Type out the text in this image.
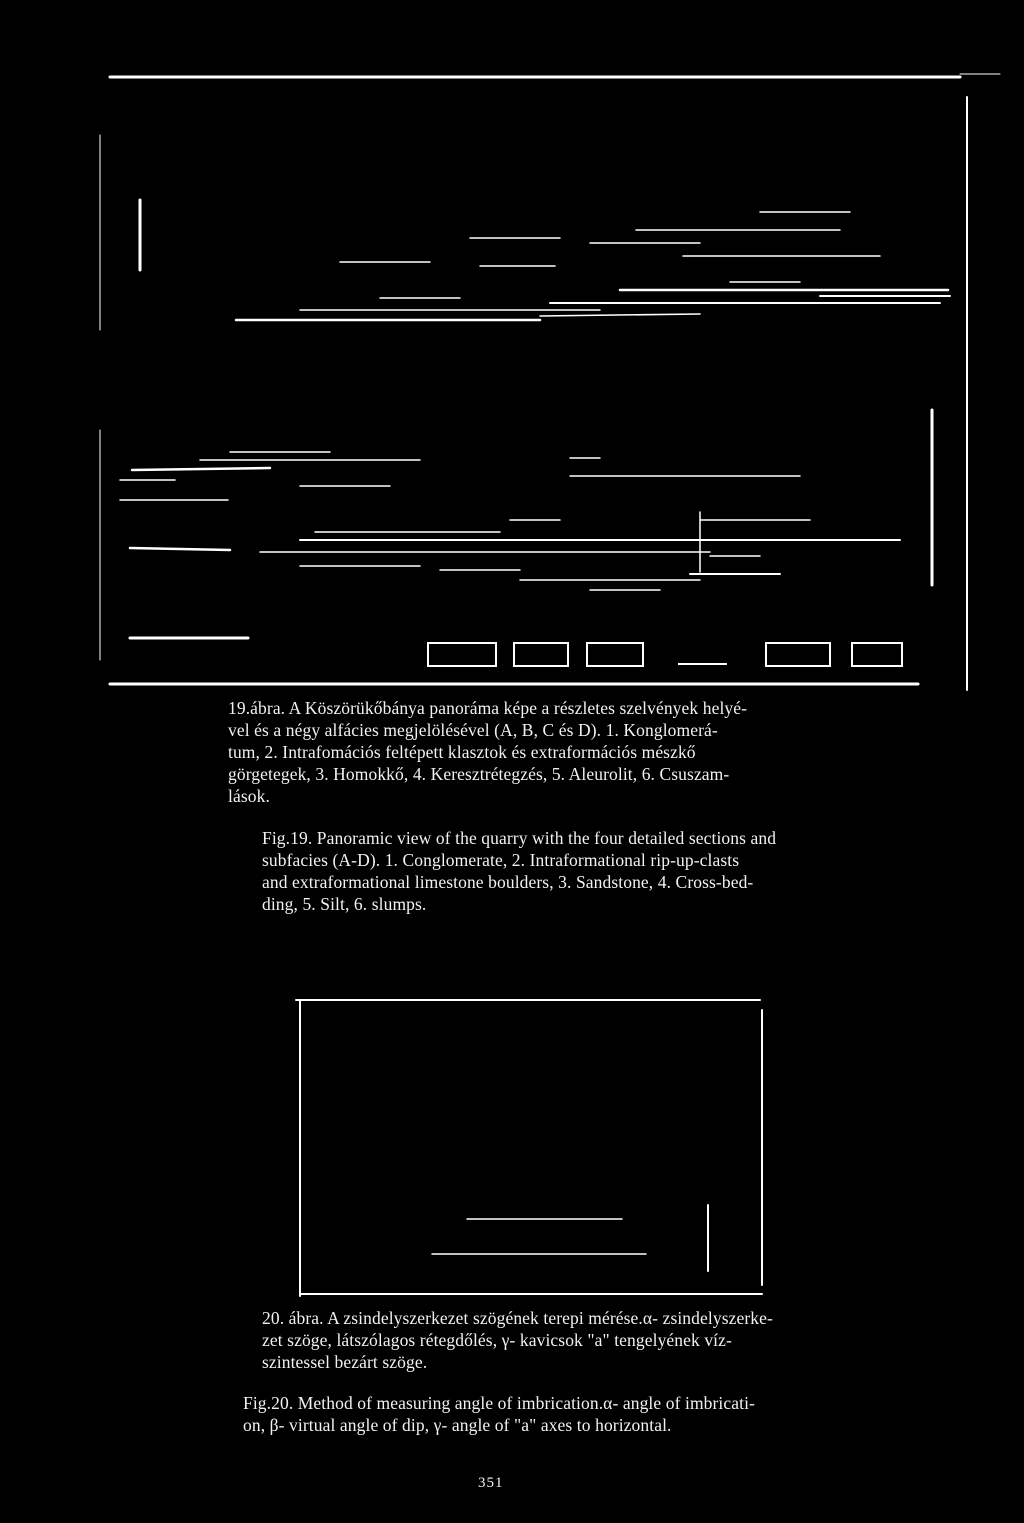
19.ábra. A Köszörükőbánya panoráma képe a részletes szelvények helyé-
vel és a négy alfácies megjelölésével (A, B, C és D). 1. Konglomerá-
tum, 2. Intrafomációs feltépett klasztok és extraformációs mészkő
görgetegek, 3. Homokkő, 4. Keresztrétegzés, 5. Aleurolit, 6. Csuszam-
lások.
Fig.19. Panoramic view of the quarry with the four detailed sections and
subfacies (A-D). 1. Conglomerate, 2. Intraformational rip-up-clasts
and extraformational limestone boulders, 3. Sandstone, 4. Cross-bed-
ding, 5. Silt, 6. slumps.
20. ábra. A zsindelyszerkezet szögének terepi mérése.α- zsindelyszerke-
zet szöge, látszólagos rétegdőlés, γ- kavicsok "a" tengelyének víz-
szintessel bezárt szöge.
Fig.20. Method of measuring angle of imbrication.α- angle of imbricati-
on, β- virtual angle of dip, γ- angle of "a" axes to horizontal.
351
